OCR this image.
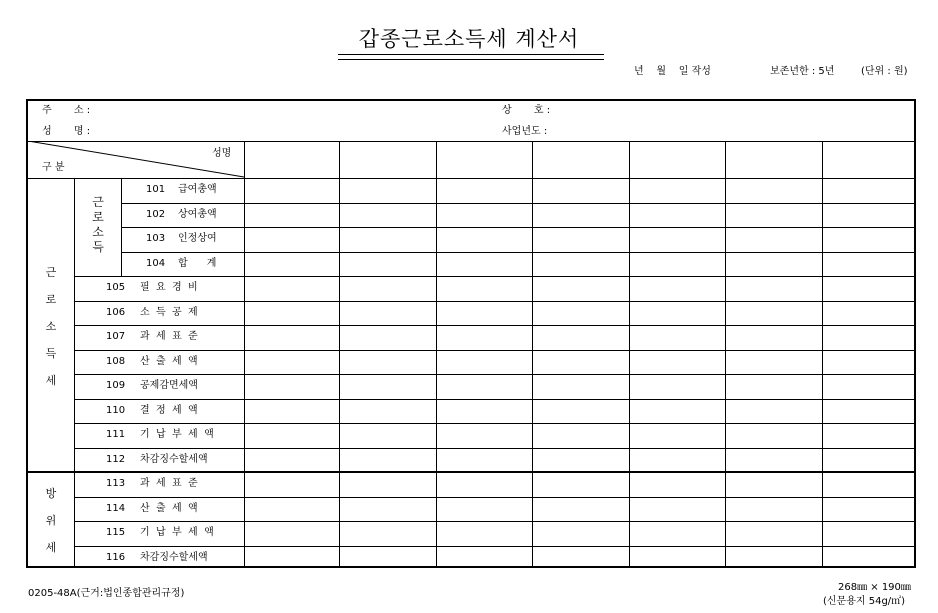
갑종근로소득세 계산서
년    월    일 작성	보존년한 : 5년	(단위 : 원)
주       소 :
성       명 :
상       호 :
사업년도 :
성명
구 분
근
로
소
득
세
근
로
소
득
방
위
세
101 급여총액
102 상여총액
103 인정상여
104 합      계
105 필  요  경  비
106 소  득  공  제
107 과  세  표  준
108 산  출  세  액
109 공제감면세액
110 결  정  세  액
111 기  납  부  세  액
112 차감징수할세액
113 과  세  표  준
114 산  출  세  액
115 기  납  부  세  액
116 차감징수할세액
0205-48A(근거:법인종합관리규정)
268㎜ × 190㎜
(신문용지 54g/㎡)
